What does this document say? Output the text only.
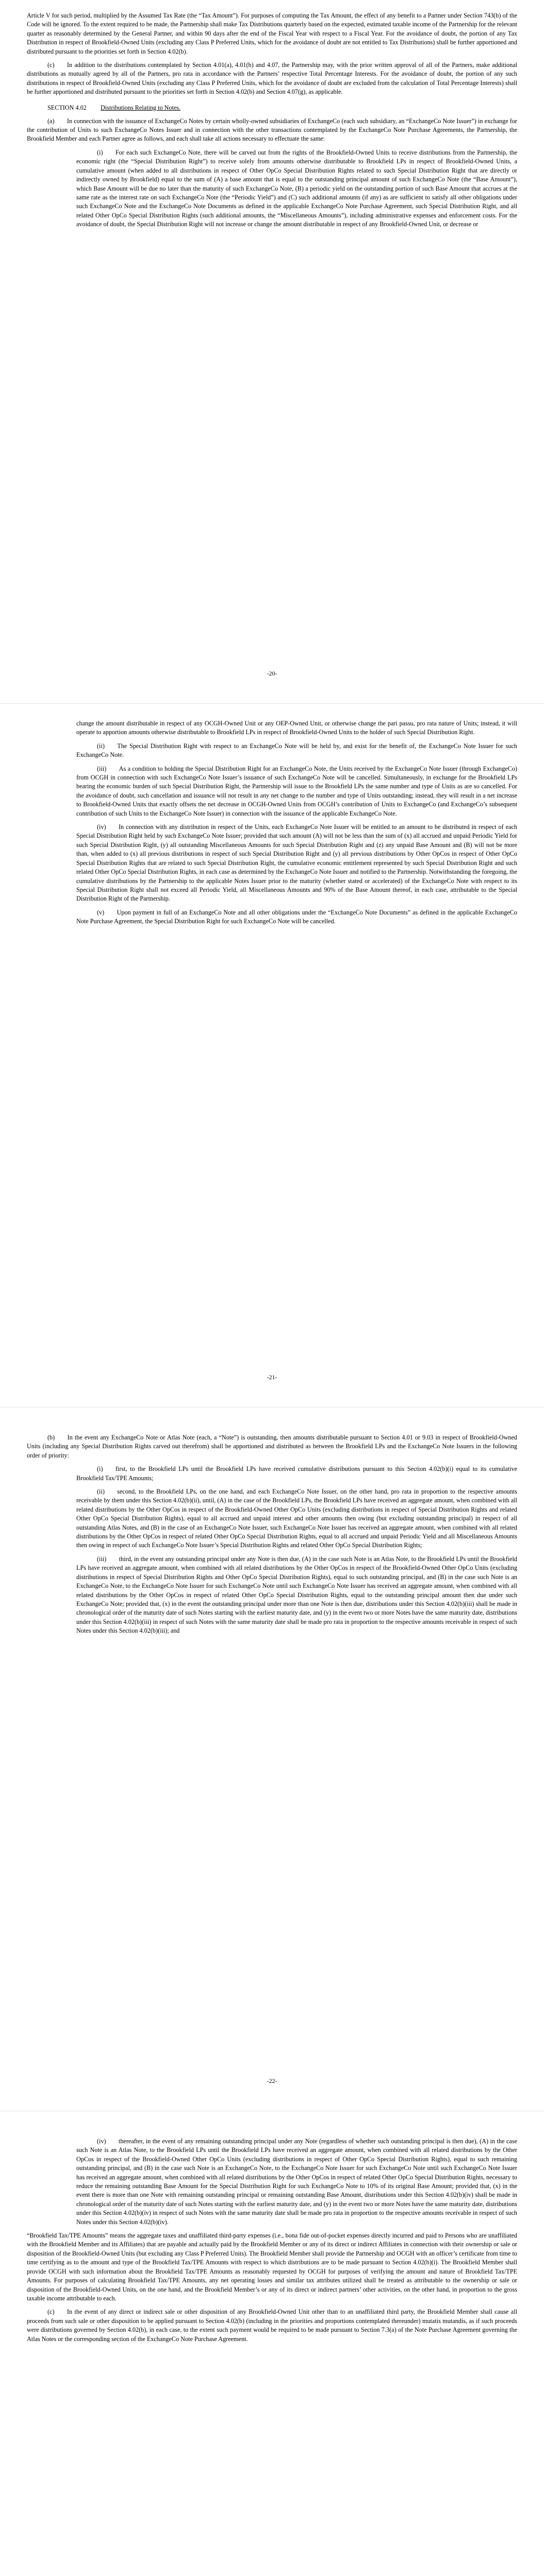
Article V for such period, multiplied by the Assumed Tax Rate (the “Tax Amount”). For purposes of computing the Tax Amount, the effect of any benefit to a Partner under Section 743(b) of the Code will be ignored. To the extent required to be made, the Partnership shall make Tax Distributions quarterly based on the expected, estimated taxable income of the Partnership for the relevant quarter as reasonably determined by the General Partner, and within 90 days after the end of the Fiscal Year with respect to a Fiscal Year. For the avoidance of doubt, the portion of any Tax Distribution in respect of Brookfield-Owned Units (excluding any Class P Preferred Units, which for the avoidance of doubt are not entitled to Tax Distributions) shall be further apportioned and distributed pursuant to the priorities set forth in Section 4.02(b).

(c)  In addition to the distributions contemplated by Section 4.01(a), 4.01(b) and 4.07, the Partnership may, with the prior written approval of all of the Partners, make additional distributions as mutually agreed by all of the Partners, pro rata in accordance with the Partners’ respective Total Percentage Interests. For the avoidance of doubt, the portion of any such distributions in respect of Brookfield-Owned Units (excluding any Class P Preferred Units, which for the avoidance of doubt are excluded from the calculation of Total Percentage Interests) shall be further apportioned and distributed pursuant to the priorities set forth in Section 4.02(b) and Section 4.07(g), as applicable.

SECTION 4.02 Distributions Relating to Notes.

(a)  In connection with the issuance of ExchangeCo Notes by certain wholly-owned subsidiaries of ExchangeCo (each such subsidiary, an “ExchangeCo Note Issuer”) in exchange for the contribution of Units to such ExchangeCo Notes Issuer and in connection with the other transactions contemplated by the ExchangeCo Note Purchase Agreements, the Partnership, the Brookfield Member and each Partner agree as follows, and each shall take all actions necessary to effectuate the same:

(i)  For each such ExchangeCo Note, there will be carved out from the rights of the Brookfield-Owned Units to receive distributions from the Partnership, the economic right (the “Special Distribution Right”) to receive solely from amounts otherwise distributable to Brookfield LPs in respect of Brookfield-Owned Units, a cumulative amount (when added to all distributions in respect of Other OpCo Special Distribution Rights related to such Special Distribution Right that are directly or indirectly owned by Brookfield) equal to the sum of (A) a base amount that is equal to the outstanding principal amount of such ExchangeCo Note (the “Base Amount”), which Base Amount will be due no later than the maturity of such ExchangeCo Note, (B) a periodic yield on the outstanding portion of such Base Amount that accrues at the same rate as the interest rate on such ExchangeCo Note (the “Periodic Yield”) and (C) such additional amounts (if any) as are sufficient to satisfy all other obligations under such ExchangeCo Note and the ExchangeCo Note Documents as defined in the applicable ExchangeCo Note Purchase Agreement, such Special Distribution Right, and all related Other OpCo Special Distribution Rights (such additional amounts, the “Miscellaneous Amounts”), including administrative expenses and enforcement costs. For the avoidance of doubt, the Special Distribution Right will not increase or change the amount distributable in respect of any Brookfield-Owned Unit, or decrease or

-20-

change the amount distributable in respect of any OCGH-Owned Unit or any OEP-Owned Unit, or otherwise change the pari passu, pro rata nature of Units; instead, it will operate to apportion amounts otherwise distributable to Brookfield LPs in respect of Brookfield-Owned Units to the holder of such Special Distribution Right.

(ii)  The Special Distribution Right with respect to an ExchangeCo Note will be held by, and exist for the benefit of, the ExchangeCo Note Issuer for such ExchangeCo Note.

(iii)  As a condition to holding the Special Distribution Right for an ExchangeCo Note, the Units received by the ExchangeCo Note Issuer (through ExchangeCo) from OCGH in connection with such ExchangeCo Note Issuer’s issuance of such ExchangeCo Note will be cancelled. Simultaneously, in exchange for the Brookfield LPs bearing the economic burden of such Special Distribution Right, the Partnership will issue to the Brookfield LPs the same number and type of Units as are so cancelled. For the avoidance of doubt, such cancellation and issuance will not result in any net change to the number and type of Units outstanding; instead, they will result in a net increase to Brookfield-Owned Units that exactly offsets the net decrease in OCGH-Owned Units from OCGH’s contribution of Units to ExchangeCo (and ExchangeCo’s subsequent contribution of such Units to the ExchangeCo Note Issuer) in connection with the issuance of the applicable ExchangeCo Note.

(iv)  In connection with any distribution in respect of the Units, each ExchangeCo Note Issuer will be entitled to an amount to be distributed in respect of each Special Distribution Right held by such ExchangeCo Note Issuer; provided that such amount (A) will not be less than the sum of (x) all accrued and unpaid Periodic Yield for such Special Distribution Right, (y) all outstanding Miscellaneous Amounts for such Special Distribution Right and (z) any unpaid Base Amount and (B) will not be more than, when added to (x) all previous distributions in respect of such Special Distribution Right and (y) all previous distributions by Other OpCos in respect of Other OpCo Special Distribution Rights that are related to such Special Distribution Right, the cumulative economic entitlement represented by such Special Distribution Right and such related Other OpCo Special Distribution Rights, in each case as determined by the ExchangeCo Note Issuer and notified to the Partnership. Notwithstanding the foregoing, the cumulative distributions by the Partnership to the applicable Notes Issuer prior to the maturity (whether stated or accelerated) of the ExchangeCo Note with respect to its Special Distribution Right shall not exceed all Periodic Yield, all Miscellaneous Amounts and 90% of the Base Amount thereof, in each case, attributable to the Special Distribution Right of the Partnership.

(v)  Upon payment in full of an ExchangeCo Note and all other obligations under the “ExchangeCo Note Documents” as defined in the applicable ExchangeCo Note Purchase Agreement, the Special Distribution Right for such ExchangeCo Note will be cancelled.

-21-

(b)  In the event any ExchangeCo Note or Atlas Note (each, a “Note”) is outstanding, then amounts distributable pursuant to Section 4.01 or 9.03 in respect of Brookfield-Owned Units (including any Special Distribution Rights carved out therefrom) shall be apportioned and distributed as between the Brookfield LPs and the ExchangeCo Note Issuers in the following order of priority:

(i)  first, to the Brookfield LPs until the Brookfield LPs have received cumulative distributions pursuant to this Section 4.02(b)(i) equal to its cumulative Brookfield Tax/TPE Amounts;

(ii)  second, to the Brookfield LPs, on the one hand, and each ExchangeCo Note Issuer, on the other hand, pro rata in proportion to the respective amounts receivable by them under this Section 4.02(b)(ii), until, (A) in the case of the Brookfield LPs, the Brookfield LPs have received an aggregate amount, when combined with all related distributions by the Other OpCos in respect of the Brookfield-Owned Other OpCo Units (excluding distributions in respect of Special Distribution Rights and related Other OpCo Special Distribution Rights), equal to all accrued and unpaid interest and other amounts then owing (but excluding outstanding principal) in respect of all outstanding Atlas Notes, and (B) in the case of an ExchangeCo Note Issuer, such ExchangeCo Note Issuer has received an aggregate amount, when combined with all related distributions by the Other OpCos in respect of related Other OpCo Special Distribution Rights, equal to all accrued and unpaid Periodic Yield and all Miscellaneous Amounts then owing in respect of such ExchangeCo Note Issuer’s Special Distribution Rights and related Other OpCo Special Distribution Rights;

(iii)  third, in the event any outstanding principal under any Note is then due, (A) in the case such Note is an Atlas Note, to the Brookfield LPs until the Brookfield LPs have received an aggregate amount, when combined with all related distributions by the Other OpCos in respect of the Brookfield-Owned Other OpCo Units (excluding distributions in respect of Special Distribution Rights and Other OpCo Special Distribution Rights), equal to such outstanding principal, and (B) in the case such Note is an ExchangeCo Note, to the ExchangeCo Note Issuer for such ExchangeCo Note until such ExchangeCo Note Issuer has received an aggregate amount, when combined with all related distributions by the Other OpCos in respect of related Other OpCo Special Distribution Rights, equal to the outstanding principal amount then due under such ExchangeCo Note; provided that, (x) in the event the outstanding principal under more than one Note is then due, distributions under this Section 4.02(b)(iii) shall be made in chronological order of the maturity date of such Notes starting with the earliest maturity date, and (y) in the event two or more Notes have the same maturity date, distributions under this Section 4.02(b)(iii) in respect of such Notes with the same maturity date shall be made pro rata in proportion to the respective amounts receivable in respect of such Notes under this Section 4.02(b)(iii); and

-22-

(iv)  thereafter, in the event of any remaining outstanding principal under any Note (regardless of whether such outstanding principal is then due), (A) in the case such Note is an Atlas Note, to the Brookfield LPs until the Brookfield LPs have received an aggregate amount, when combined with all related distributions by the Other OpCos in respect of the Brookfield-Owned Other OpCo Units (excluding distributions in respect of Other OpCo Special Distribution Rights), equal to such remaining outstanding principal, and (B) in the case such Note is an ExchangeCo Note, to the ExchangeCo Note Issuer for such ExchangeCo Note until such ExchangeCo Note Issuer has received an aggregate amount, when combined with all related distributions by the Other OpCos in respect of related Other OpCo Special Distribution Rights, necessary to reduce the remaining outstanding Base Amount for the Special Distribution Right for such ExchangeCo Note to 10% of its original Base Amount; provided that, (x) in the event there is more than one Note with remaining outstanding principal or remaining outstanding Base Amount, distributions under this Section 4.02(b)(iv) shall be made in chronological order of the maturity date of such Notes starting with the earliest maturity date, and (y) in the event two or more Notes have the same maturity date, distributions under this Section 4.02(b)(iv) in respect of such Notes with the same maturity date shall be made pro rata in proportion to the respective amounts receivable in respect of such Notes under this Section 4.02(b)(iv).

“Brookfield Tax/TPE Amounts” means the aggregate taxes and unaffiliated third-party expenses (i.e., bona fide out-of-pocket expenses directly incurred and paid to Persons who are unaffiliated with the Brookfield Member and its Affiliates) that are payable and actually paid by the Brookfield Member or any of its direct or indirect Affiliates in connection with their ownership or sale or disposition of the Brookfield-Owned Units (but excluding any Class P Preferred Units). The Brookfield Member shall provide the Partnership and OCGH with an officer’s certificate from time to time certifying as to the amount and type of the Brookfield Tax/TPE Amounts with respect to which distributions are to be made pursuant to Section 4.02(b)(i). The Brookfield Member shall provide OCGH with such information about the Brookfield Tax/TPE Amounts as reasonably requested by OCGH for purposes of verifying the amount and nature of Brookfield Tax/TPE Amounts. For purposes of calculating Brookfield Tax/TPE Amounts, any net operating losses and similar tax attributes utilized shall be treated as attributable to the ownership or sale or disposition of the Brookfield-Owned Units, on the one hand, and the Brookfield Member’s or any of its direct or indirect partners’ other activities, on the other hand, in proportion to the gross taxable income attributable to each.

(c)  In the event of any direct or indirect sale or other disposition of any Brookfield-Owned Unit other than to an unaffiliated third party, the Brookfield Member shall cause all proceeds from such sale or other disposition to be applied pursuant to Section 4.02(b) (including in the priorities and proportions contemplated thereunder) mutatis mutandis, as if such proceeds were distributions governed by Section 4.02(b), in each case, to the extent such payment would be required to be made pursuant to Section 7.3(a) of the Note Purchase Agreement governing the Atlas Notes or the corresponding section of the ExchangeCo Note Purchase Agreement.
